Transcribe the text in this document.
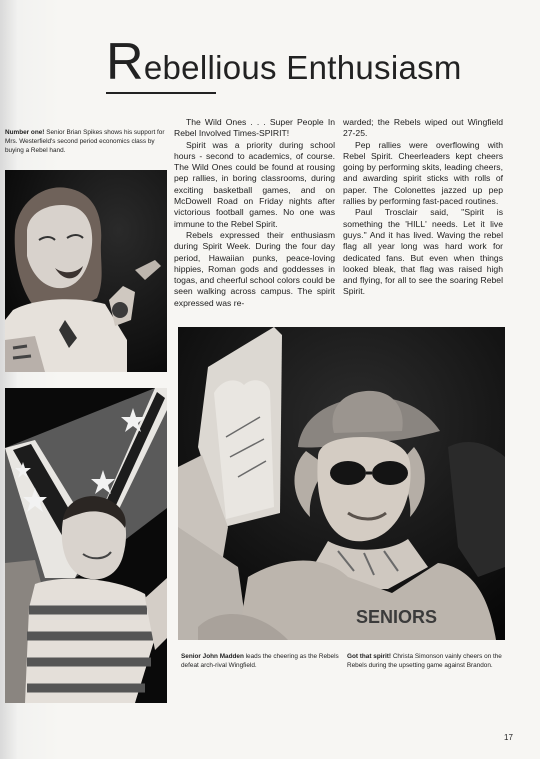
Rebellious Enthusiasm
Number one! Senior Brian Spikes shows his support for Mrs. Westerfield's second period economics class by buying a Rebel hand.

The Wild Ones . . . Super People In Rebel Involved Times-SPIRIT!

Spirit was a priority during school hours - second to academics, of course. The Wild Ones could be found at rousing pep rallies, in boring classrooms, during exciting basketball games, and on McDowell Road on Friday nights after victorious football games. No one was immune to the Rebel Spirit.

Rebels expressed their enthusiasm during Spirit Week. During the four day period, Hawaiian punks, peace-loving hippies, Roman gods and goddesses in togas, and cheerful school colors could be seen walking across campus. The spirit expressed was re-

warded; the Rebels wiped out Wingfield 27-25.

Pep rallies were overflowing with Rebel Spirit. Cheerleaders kept cheers going by performing skits, leading cheers, and awarding spirit sticks with rolls of paper. The Colonettes jazzed up pep rallies by performing fast-paced routines.

Paul Trosclair said, ''Spirit is something the 'HILL' needs. Let it live guys.'' And it has lived. Waving the rebel flag all year long was hard work for dedicated fans. But even when things looked bleak, that flag was raised high and flying, for all to see the soaring Rebel Spirit.

SENIORS
Senior John Madden leads the cheering as the Rebels defeat arch-rival Wingfield.
Got that spirit! Christa Simonson vainly cheers on the Rebels during the upsetting game against Brandon.
17
